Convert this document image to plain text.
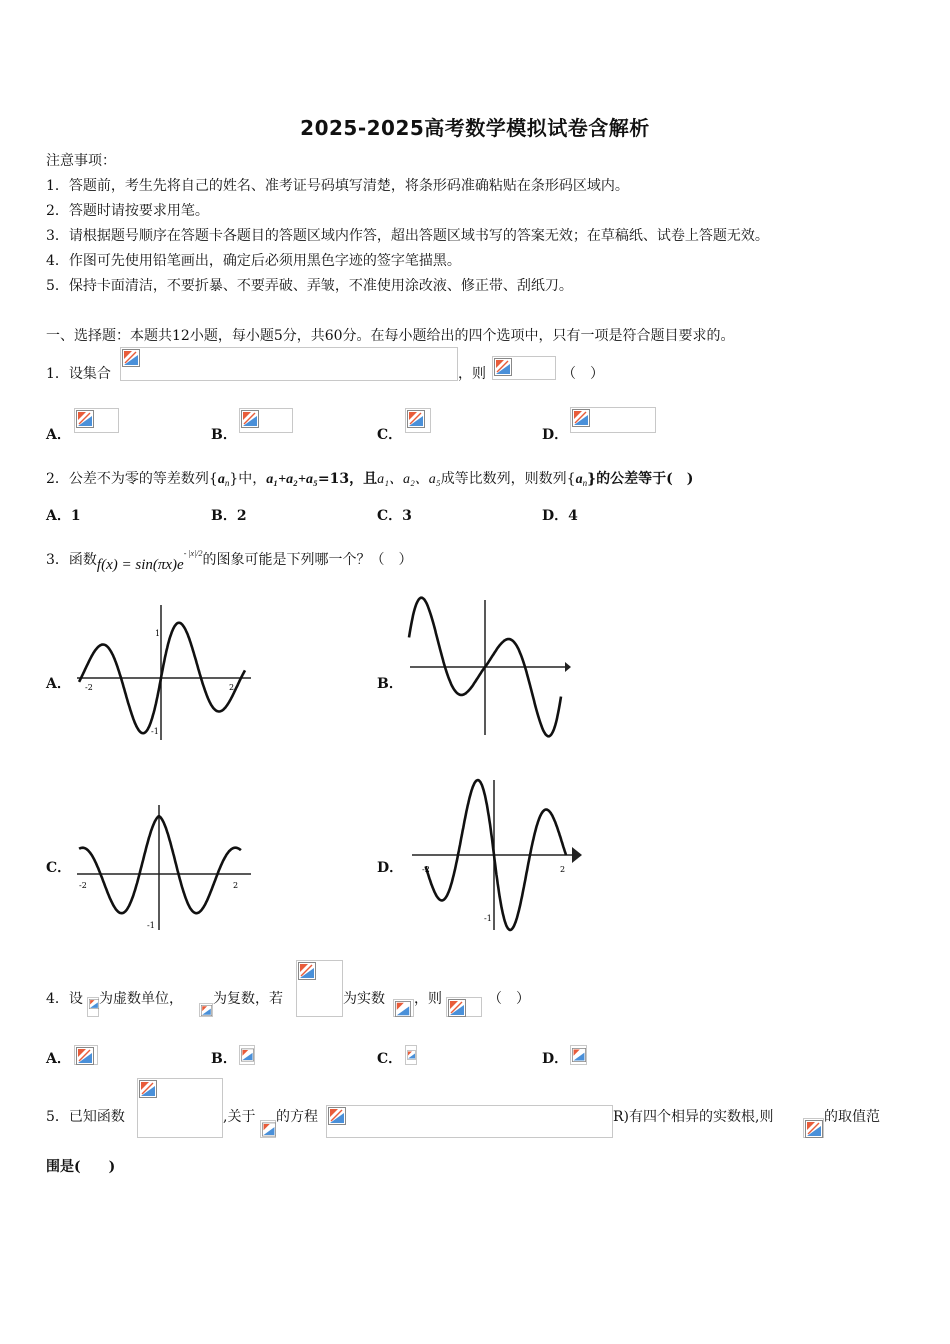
2025-2025高考数学模拟试卷含解析
注意事项：
1．答题前，考生先将自己的姓名、准考证号码填写清楚，将条形码准确粘贴在条形码区域内。
2．答题时请按要求用笔。
3．请根据题号顺序在答题卡各题目的答题区域内作答，超出答题区域书写的答案无效；在草稿纸、试卷上答题无效。
4．作图可先使用铅笔画出，确定后必须用黑色字迹的签字笔描黑。
5．保持卡面清洁，不要折暴、不要弄破、弄皱，不准使用涂改液、修正带、刮纸刀。
一、选择题：本题共12小题，每小题5分，共60分。在每小题给出的四个选项中，只有一项是符合题目要求的。
1．设集合	，则	（　）
A．	B．	C．	D．
2．公差不为零的等差数列$\{a_n\}$中，a₁+a₂+a₅=13，且a₁、a₂、a₅成等比数列，则数列$\{a_n\}$的公差等于(　)
A．1	B．2	C．3	D．4
3．函数$f(x) = \sin(\pi x)e^{- |x|/2}$的图象可能是下列哪一个？（　）
A．	B．
C．	D．
-2	2
1
-1
-2	2
-1
-2	2
-1
4．设 为虚数单位， 为复数，若	为实数 ，则	（　）
A．	B．	C．	D．
5．已知函数	,关于 的方程	R)有四个相异的实数根,则	的取值范
围是(　　)
